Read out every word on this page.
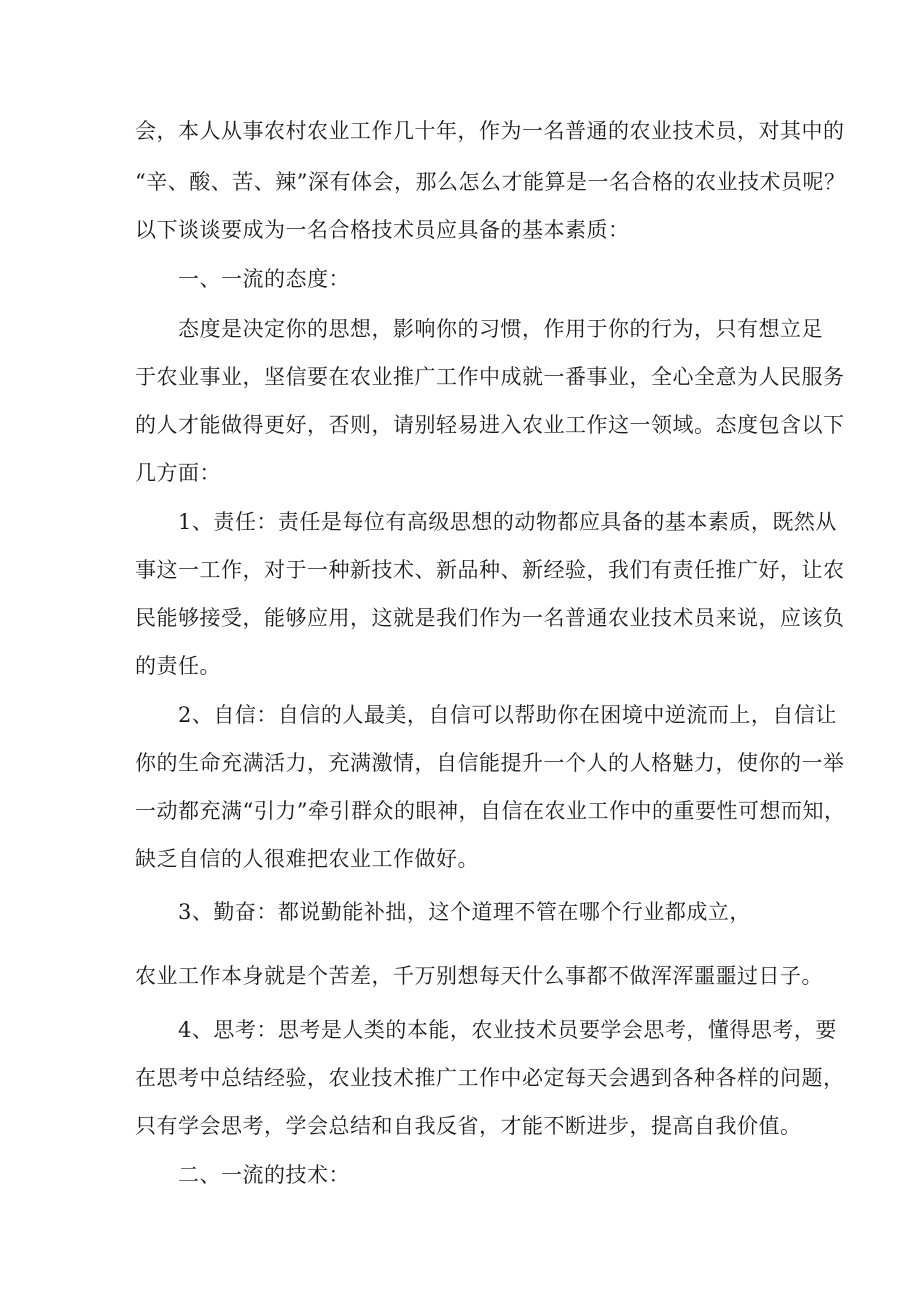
会，本人从事农村农业工作几十年，作为一名普通的农业技术员，对其中的
“辛、酸、苦、辣”深有体会，那么怎么才能算是一名合格的农业技术员呢？
以下谈谈要成为一名合格技术员应具备的基本素质：
一、一流的态度：
态度是决定你的思想，影响你的习惯，作用于你的行为，只有想立足
于农业事业，坚信要在农业推广工作中成就一番事业，全心全意为人民服务
的人才能做得更好，否则，请别轻易进入农业工作这一领域。态度包含以下
几方面：
1、责任：责任是每位有高级思想的动物都应具备的基本素质，既然从
事这一工作，对于一种新技术、新品种、新经验，我们有责任推广好，让农
民能够接受，能够应用，这就是我们作为一名普通农业技术员来说，应该负
的责任。
2、自信：自信的人最美，自信可以帮助你在困境中逆流而上，自信让
你的生命充满活力，充满激情，自信能提升一个人的人格魅力，使你的一举
一动都充满“引力”牵引群众的眼神，自信在农业工作中的重要性可想而知，
缺乏自信的人很难把农业工作做好。
3、勤奋：都说勤能补拙，这个道理不管在哪个行业都成立，
农业工作本身就是个苦差，千万别想每天什么事都不做浑浑噩噩过日子。
4、思考：思考是人类的本能，农业技术员要学会思考，懂得思考，要
在思考中总结经验，农业技术推广工作中必定每天会遇到各种各样的问题，
只有学会思考，学会总结和自我反省，才能不断进步，提高自我价值。
二、一流的技术：
